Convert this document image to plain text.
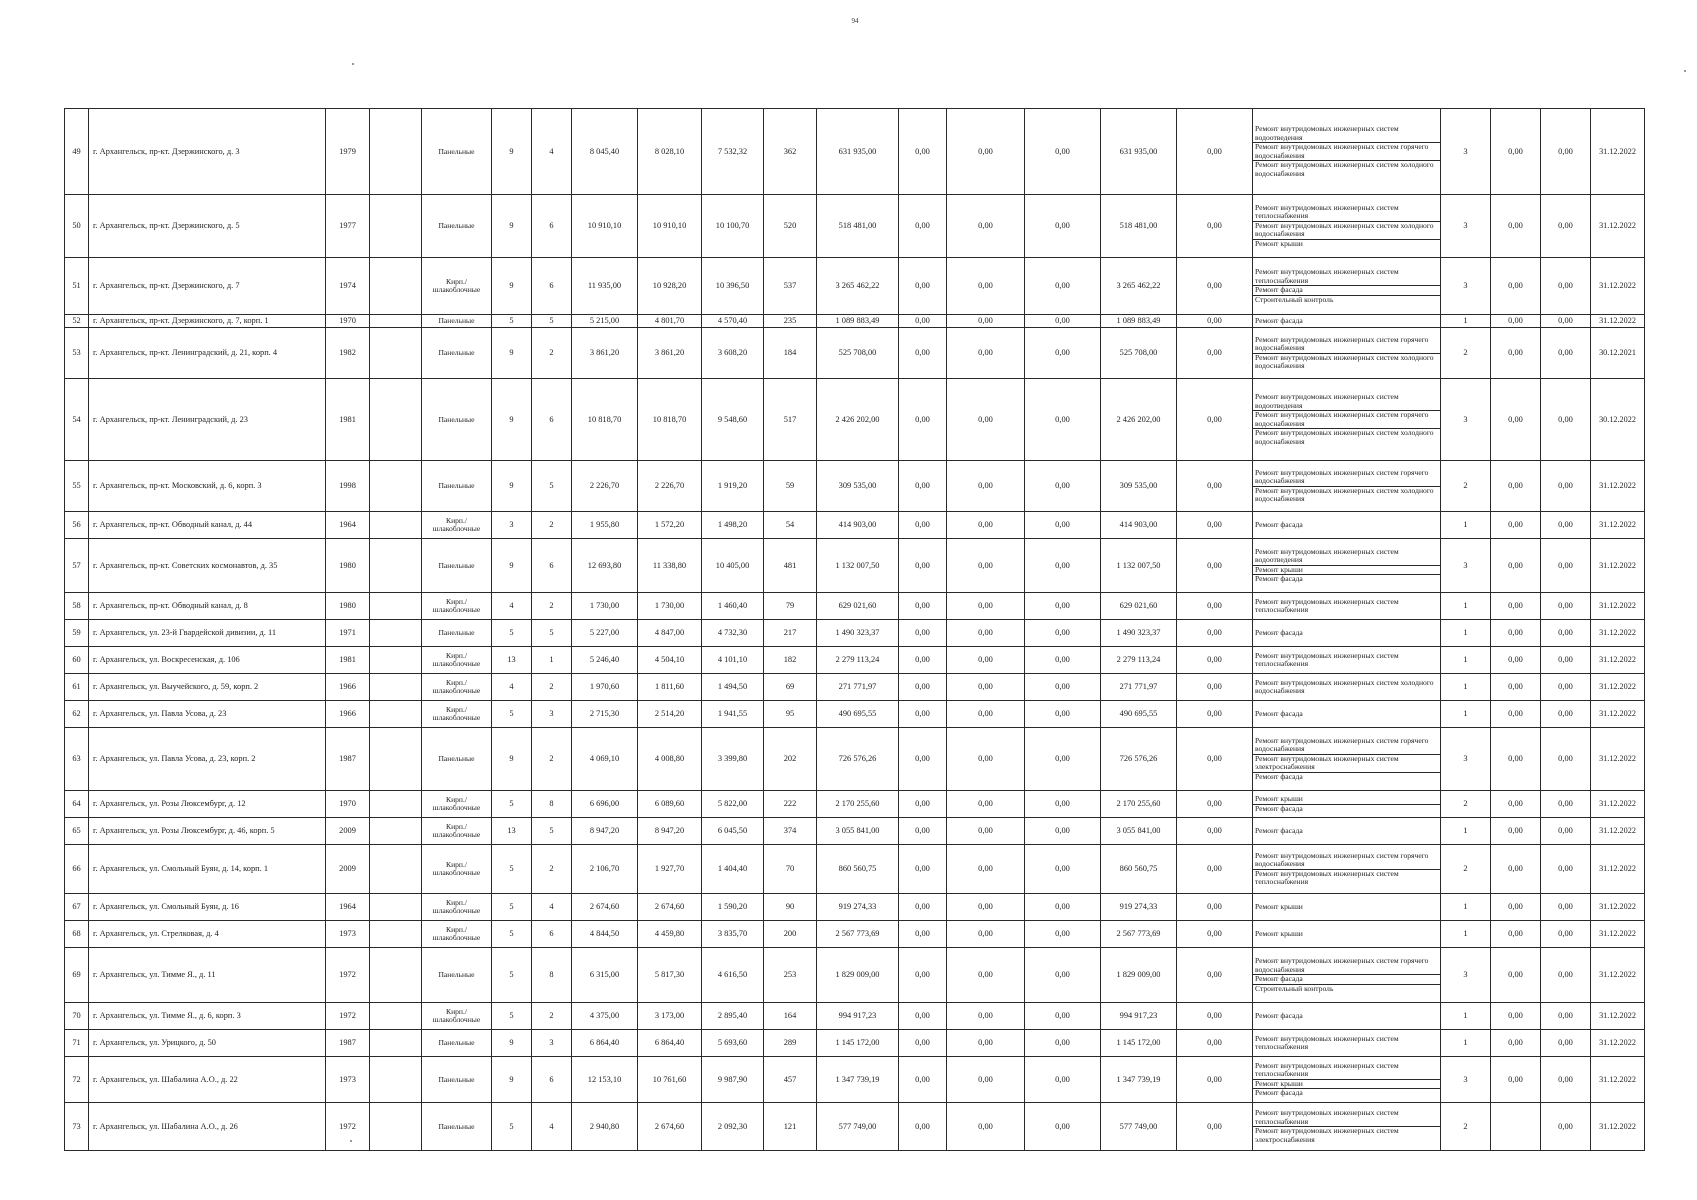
94
49	г. Архангельск, пр-кт. Дзержинского, д. 3	1979		Панельные	9	4	8 045,40	8 028,10	7 532,32	362	631 935,00	0,00	0,00	0,00	631 935,00	0,00	Ремонт внутридомовых инженерных систем водоотведения
Ремонт внутридомовых инженерных систем горячего водоснабжения
Ремонт внутридомовых инженерных систем холодного водоснабжения	3	0,00	0,00	31.12.2022
50	г. Архангельск, пр-кт. Дзержинского, д. 5	1977		Панельные	9	6	10 910,10	10 910,10	10 100,70	520	518 481,00	0,00	0,00	0,00	518 481,00	0,00	Ремонт внутридомовых инженерных систем теплоснабжения
Ремонт внутридомовых инженерных систем холодного водоснабжения
Ремонт крыши	3	0,00	0,00	31.12.2022
51	г. Архангельск, пр-кт. Дзержинского, д. 7	1974		Кирп./шлакоблочные	9	6	11 935,00	10 928,20	10 396,50	537	3 265 462,22	0,00	0,00	0,00	3 265 462,22	0,00	Ремонт внутридомовых инженерных систем теплоснабжения
Ремонт фасада
Строительный контроль	3	0,00	0,00	31.12.2022
52	г. Архангельск, пр-кт. Дзержинского, д. 7, корп. 1	1970		Панельные	5	5	5 215,00	4 801,70	4 570,40	235	1 089 883,49	0,00	0,00	0,00	1 089 883,49	0,00	Ремонт фасада	1	0,00	0,00	31.12.2022
53	г. Архангельск, пр-кт. Ленинградский, д. 21, корп. 4	1982		Панельные	9	2	3 861,20	3 861,20	3 608,20	184	525 708,00	0,00	0,00	0,00	525 708,00	0,00	Ремонт внутридомовых инженерных систем горячего водоснабжения
Ремонт внутридомовых инженерных систем холодного водоснабжения	2	0,00	0,00	30.12.2021
54	г. Архангельск, пр-кт. Ленинградский, д. 23	1981		Панельные	9	6	10 818,70	10 818,70	9 548,60	517	2 426 202,00	0,00	0,00	0,00	2 426 202,00	0,00	Ремонт внутридомовых инженерных систем водоотведения
Ремонт внутридомовых инженерных систем горячего водоснабжения
Ремонт внутридомовых инженерных систем холодного водоснабжения	3	0,00	0,00	30.12.2022
55	г. Архангельск, пр-кт. Московский, д. 6, корп. 3	1998		Панельные	9	5	2 226,70	2 226,70	1 919,20	59	309 535,00	0,00	0,00	0,00	309 535,00	0,00	Ремонт внутридомовых инженерных систем горячего водоснабжения
Ремонт внутридомовых инженерных систем холодного водоснабжения	2	0,00	0,00	31.12.2022
56	г. Архангельск, пр-кт. Обводный канал, д. 44	1964		Кирп./шлакоблочные	3	2	1 955,80	1 572,20	1 498,20	54	414 903,00	0,00	0,00	0,00	414 903,00	0,00	Ремонт фасада	1	0,00	0,00	31.12.2022
57	г. Архангельск, пр-кт. Советских космонавтов, д. 35	1980		Панельные	9	6	12 693,80	11 338,80	10 405,00	481	1 132 007,50	0,00	0,00	0,00	1 132 007,50	0,00	Ремонт внутридомовых инженерных систем водоотведения
Ремонт крыши
Ремонт фасада	3	0,00	0,00	31.12.2022
58	г. Архангельск, пр-кт. Обводный канал, д. 8	1980		Кирп./шлакоблочные	4	2	1 730,00	1 730,00	1 460,40	79	629 021,60	0,00	0,00	0,00	629 021,60	0,00	Ремонт внутридомовых инженерных систем теплоснабжения	1	0,00	0,00	31.12.2022
59	г. Архангельск, ул. 23-й Гвардейской дивизии, д. 11	1971		Панельные	5	5	5 227,00	4 847,00	4 732,30	217	1 490 323,37	0,00	0,00	0,00	1 490 323,37	0,00	Ремонт фасада	1	0,00	0,00	31.12.2022
60	г. Архангельск, ул. Воскресенская, д. 106	1981		Кирп./шлакоблочные	13	1	5 246,40	4 504,10	4 101,10	182	2 279 113,24	0,00	0,00	0,00	2 279 113,24	0,00	Ремонт внутридомовых инженерных систем теплоснабжения	1	0,00	0,00	31.12.2022
61	г. Архангельск, ул. Выучейского, д. 59, корп. 2	1966		Кирп./шлакоблочные	4	2	1 970,60	1 811,60	1 494,50	69	271 771,97	0,00	0,00	0,00	271 771,97	0,00	Ремонт внутридомовых инженерных систем холодного водоснабжения	1	0,00	0,00	31.12.2022
62	г. Архангельск, ул. Павла Усова, д. 23	1966		Кирп./шлакоблочные	5	3	2 715,30	2 514,20	1 941,55	95	490 695,55	0,00	0,00	0,00	490 695,55	0,00	Ремонт фасада	1	0,00	0,00	31.12.2022
63	г. Архангельск, ул. Павла Усова, д. 23, корп. 2	1987		Панельные	9	2	4 069,10	4 008,80	3 399,80	202	726 576,26	0,00	0,00	0,00	726 576,26	0,00	Ремонт внутридомовых инженерных систем горячего водоснабжения
Ремонт внутридомовых инженерных систем электроснабжения
Ремонт фасада	3	0,00	0,00	31.12.2022
64	г. Архангельск, ул. Розы Люксембург, д. 12	1970		Кирп./шлакоблочные	5	8	6 696,00	6 089,60	5 822,00	222	2 170 255,60	0,00	0,00	0,00	2 170 255,60	0,00	Ремонт крыши
Ремонт фасада	2	0,00	0,00	31.12.2022
65	г. Архангельск, ул. Розы Люксембург, д. 46, корп. 5	2009		Кирп./шлакоблочные	13	5	8 947,20	8 947,20	6 045,50	374	3 055 841,00	0,00	0,00	0,00	3 055 841,00	0,00	Ремонт фасада	1	0,00	0,00	31.12.2022
66	г. Архангельск, ул. Смольный Буян, д. 14, корп. 1	2009		Кирп./шлакоблочные	5	2	2 106,70	1 927,70	1 404,40	70	860 560,75	0,00	0,00	0,00	860 560,75	0,00	Ремонт внутридомовых инженерных систем горячего водоснабжения
Ремонт внутридомовых инженерных систем теплоснабжения	2	0,00	0,00	31.12.2022
67	г. Архангельск, ул. Смольный Буян, д. 16	1964		Кирп./шлакоблочные	5	4	2 674,60	2 674,60	1 590,20	90	919 274,33	0,00	0,00	0,00	919 274,33	0,00	Ремонт крыши	1	0,00	0,00	31.12.2022
68	г. Архангельск, ул. Стрелковая, д. 4	1973		Кирп./шлакоблочные	5	6	4 844,50	4 459,80	3 835,70	200	2 567 773,69	0,00	0,00	0,00	2 567 773,69	0,00	Ремонт крыши	1	0,00	0,00	31.12.2022
69	г. Архангельск, ул. Тимме Я., д. 11	1972		Панельные	5	8	6 315,00	5 817,30	4 616,50	253	1 829 009,00	0,00	0,00	0,00	1 829 009,00	0,00	Ремонт внутридомовых инженерных систем горячего водоснабжения
Ремонт фасада
Строительный контроль	3	0,00	0,00	31.12.2022
70	г. Архангельск, ул. Тимме Я., д. 6, корп. 3	1972		Кирп./шлакоблочные	5	2	4 375,00	3 173,00	2 895,40	164	994 917,23	0,00	0,00	0,00	994 917,23	0,00	Ремонт фасада	1	0,00	0,00	31.12.2022
71	г. Архангельск, ул. Урицкого, д. 50	1987		Панельные	9	3	6 864,40	6 864,40	5 693,60	289	1 145 172,00	0,00	0,00	0,00	1 145 172,00	0,00	Ремонт внутридомовых инженерных систем теплоснабжения	1	0,00	0,00	31.12.2022
72	г. Архангельск, ул. Шабалина А.О., д. 22	1973		Панельные	9	6	12 153,10	10 761,60	9 987,90	457	1 347 739,19	0,00	0,00	0,00	1 347 739,19	0,00	Ремонт внутридомовых инженерных систем теплоснабжения
Ремонт крыши
Ремонт фасада	3	0,00	0,00	31.12.2022
73	г. Архангельск, ул. Шабалина А.О., д. 26	1972		Панельные	5	4	2 940,80	2 674,60	2 092,30	121	577 749,00	0,00	0,00	0,00	577 749,00	0,00	Ремонт внутридомовых инженерных систем теплоснабжения
Ремонт внутридомовых инженерных систем электроснабжения	2		0,00	31.12.2022
